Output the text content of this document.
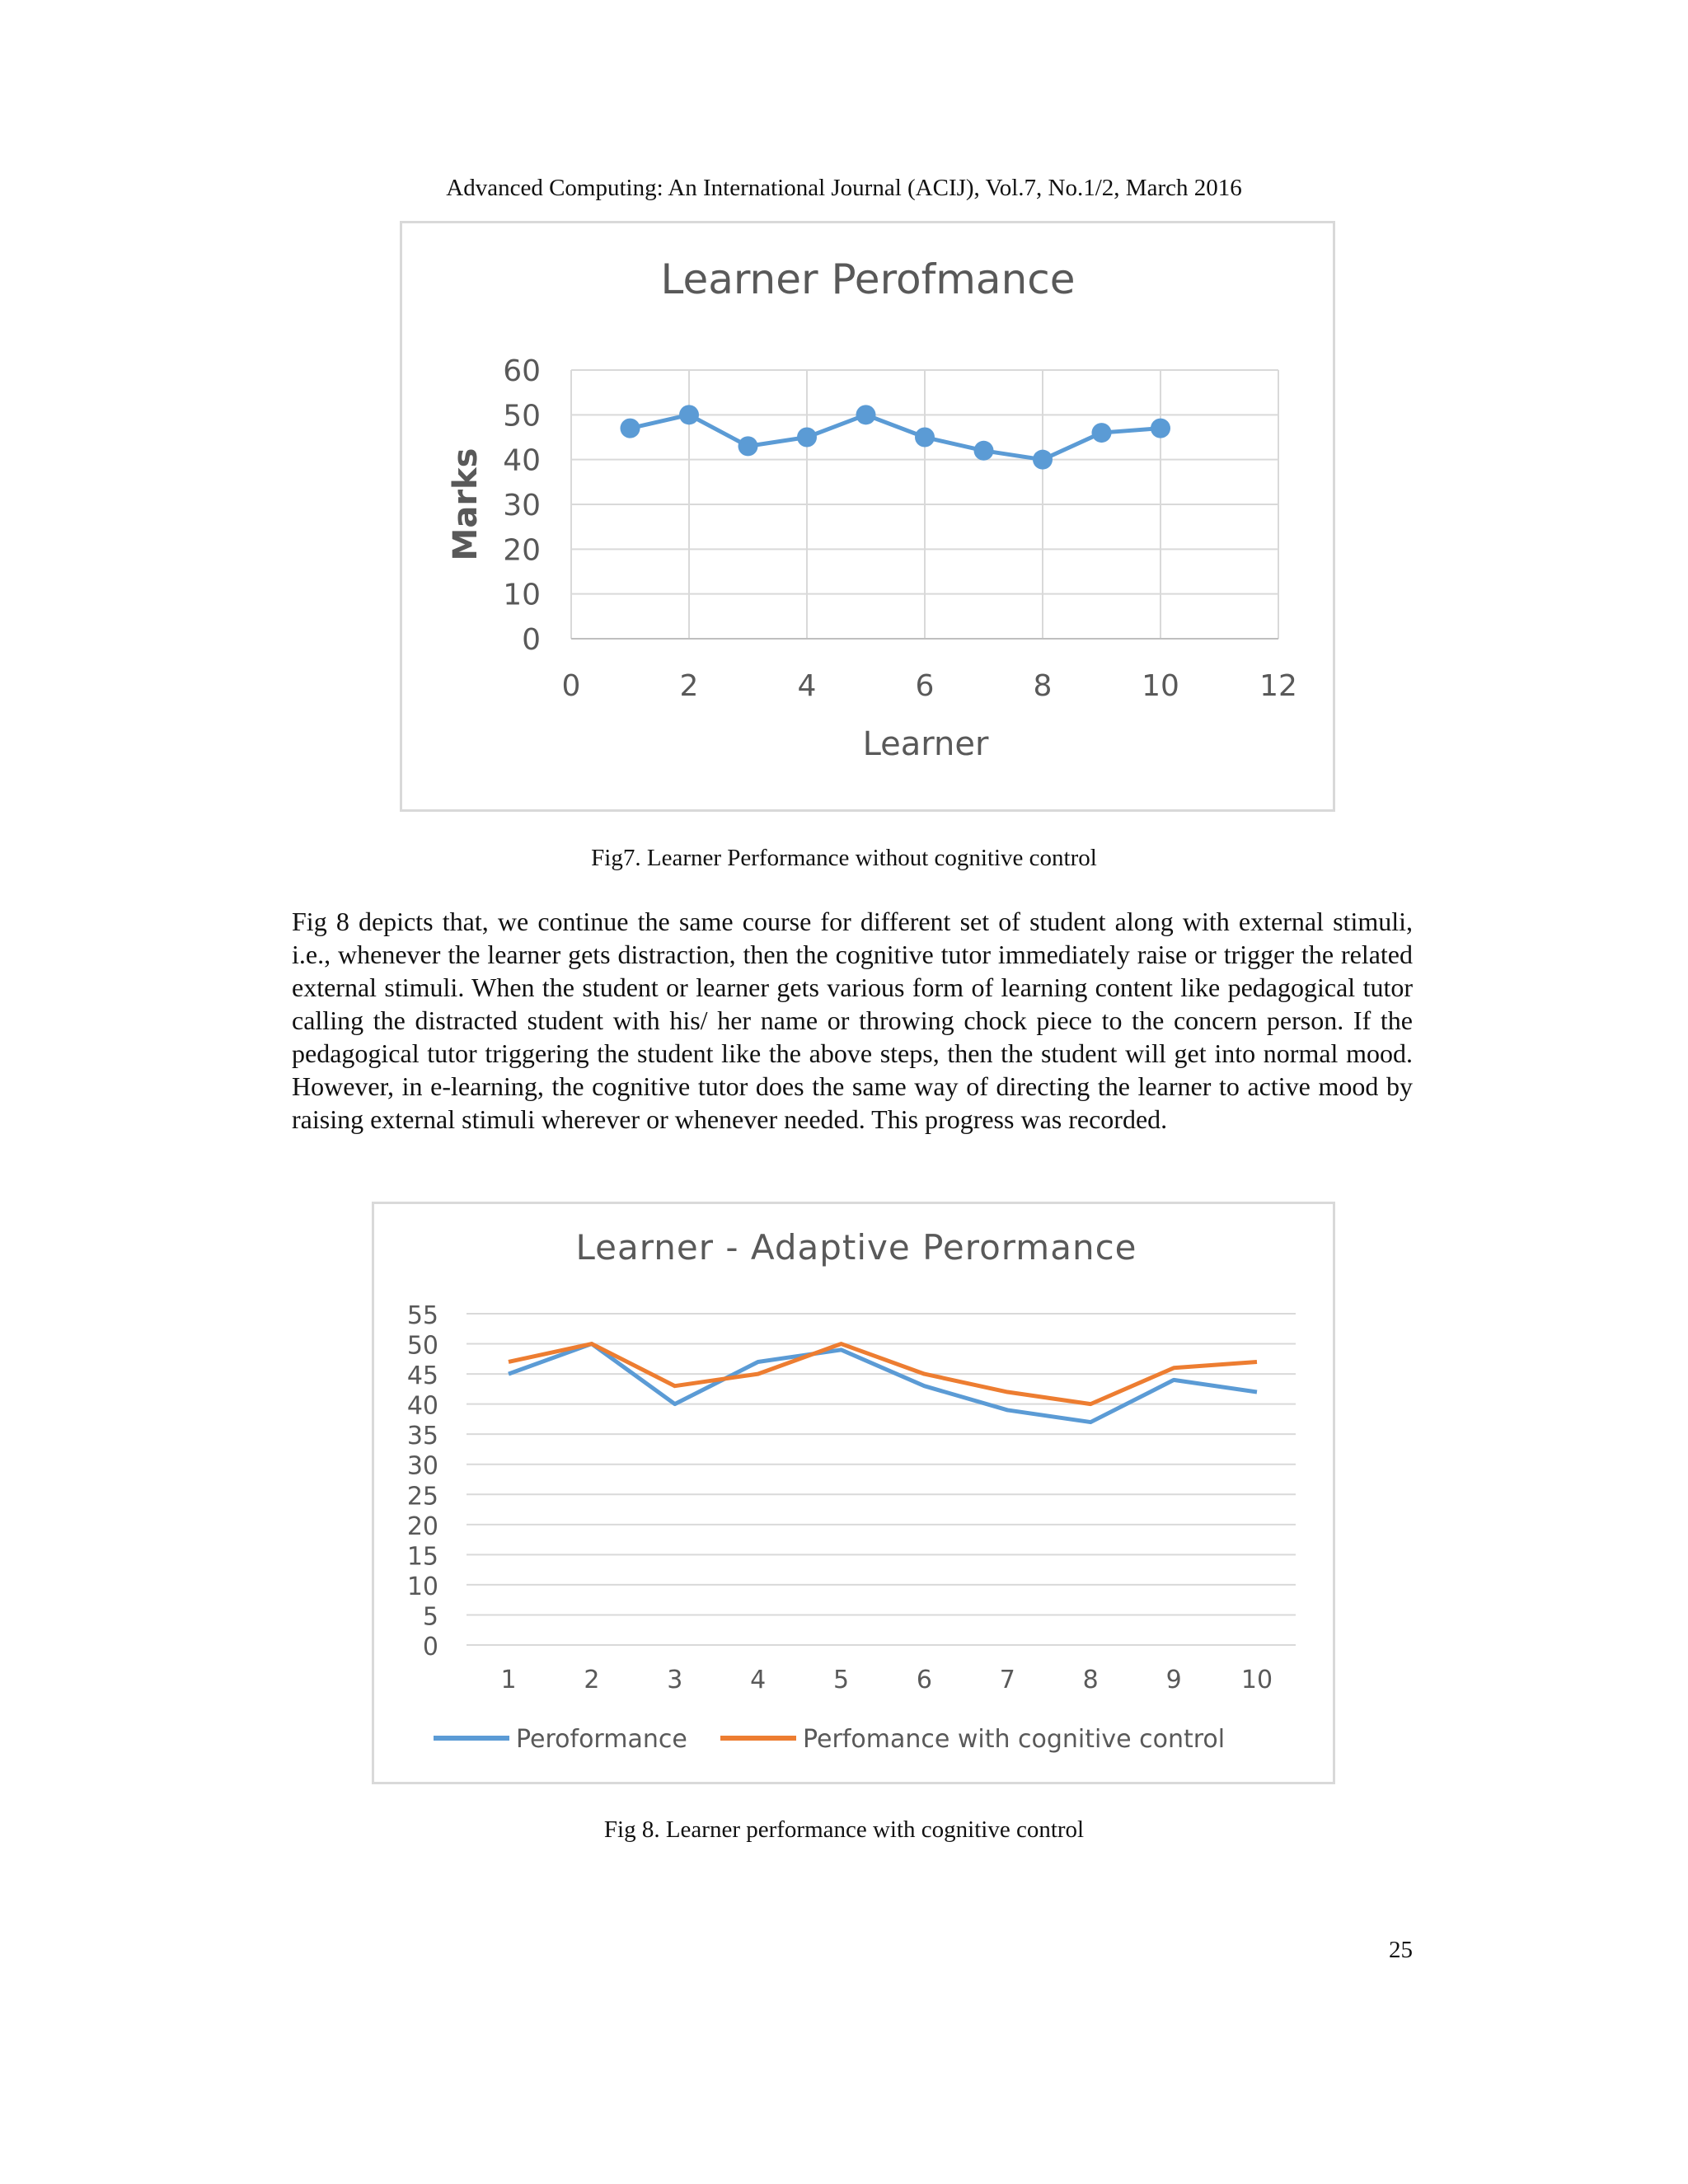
Advanced Computing: An International Journal (ACIJ), Vol.7, No.1/2, March 2016
Learner Perofmance
0
10
20
30
40
50
60
0	2	4	6	8	10	12
Learner
Marks
Fig7. Learner Performance without cognitive control
Fig 8 depicts that, we continue the same course for different set of student along with external stimuli, i.e., whenever the learner gets distraction, then the cognitive tutor immediately raise or trigger the related external stimuli. When the student or learner gets various form of learning content like pedagogical tutor calling the distracted student with his/ her name or throwing chock piece to the concern person. If the pedagogical tutor triggering the student like the above steps, then the student will get into normal mood. However, in e-learning, the cognitive tutor does the same way of directing the learner to active mood by raising external stimuli wherever or whenever needed. This progress was recorded.
Learner - Adaptive Perormance
0
5
10
15
20
25
30
35
40
45
50
55
1	2	3	4	5	6	7	8	9 10
Peroformance	Perfomance with cognitive control
Fig 8. Learner performance with cognitive control
25
